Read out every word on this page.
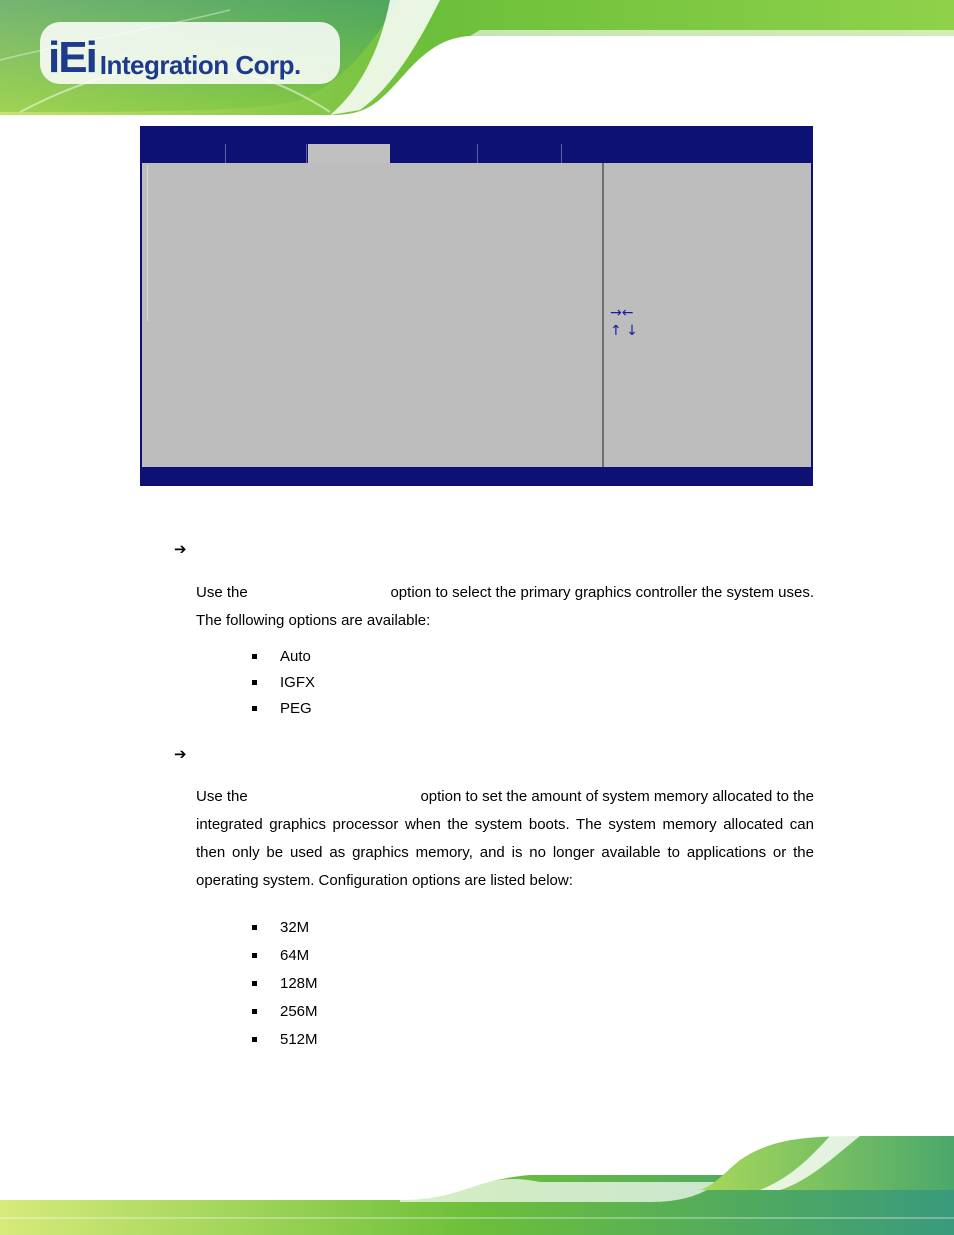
iEi Integration Corp.
→←
↑ ↓
➔
Use the	option to select the primary graphics controller the system uses.
The following options are available:
Auto
IGFX
PEG
➔
Use the	option to set the amount of system memory allocated to the
integrated graphics processor when the system boots. The system memory allocated can
then only be used as graphics memory, and is no longer available to applications or the
operating system. Configuration options are listed below:
32M
64M
128M
256M
512M
